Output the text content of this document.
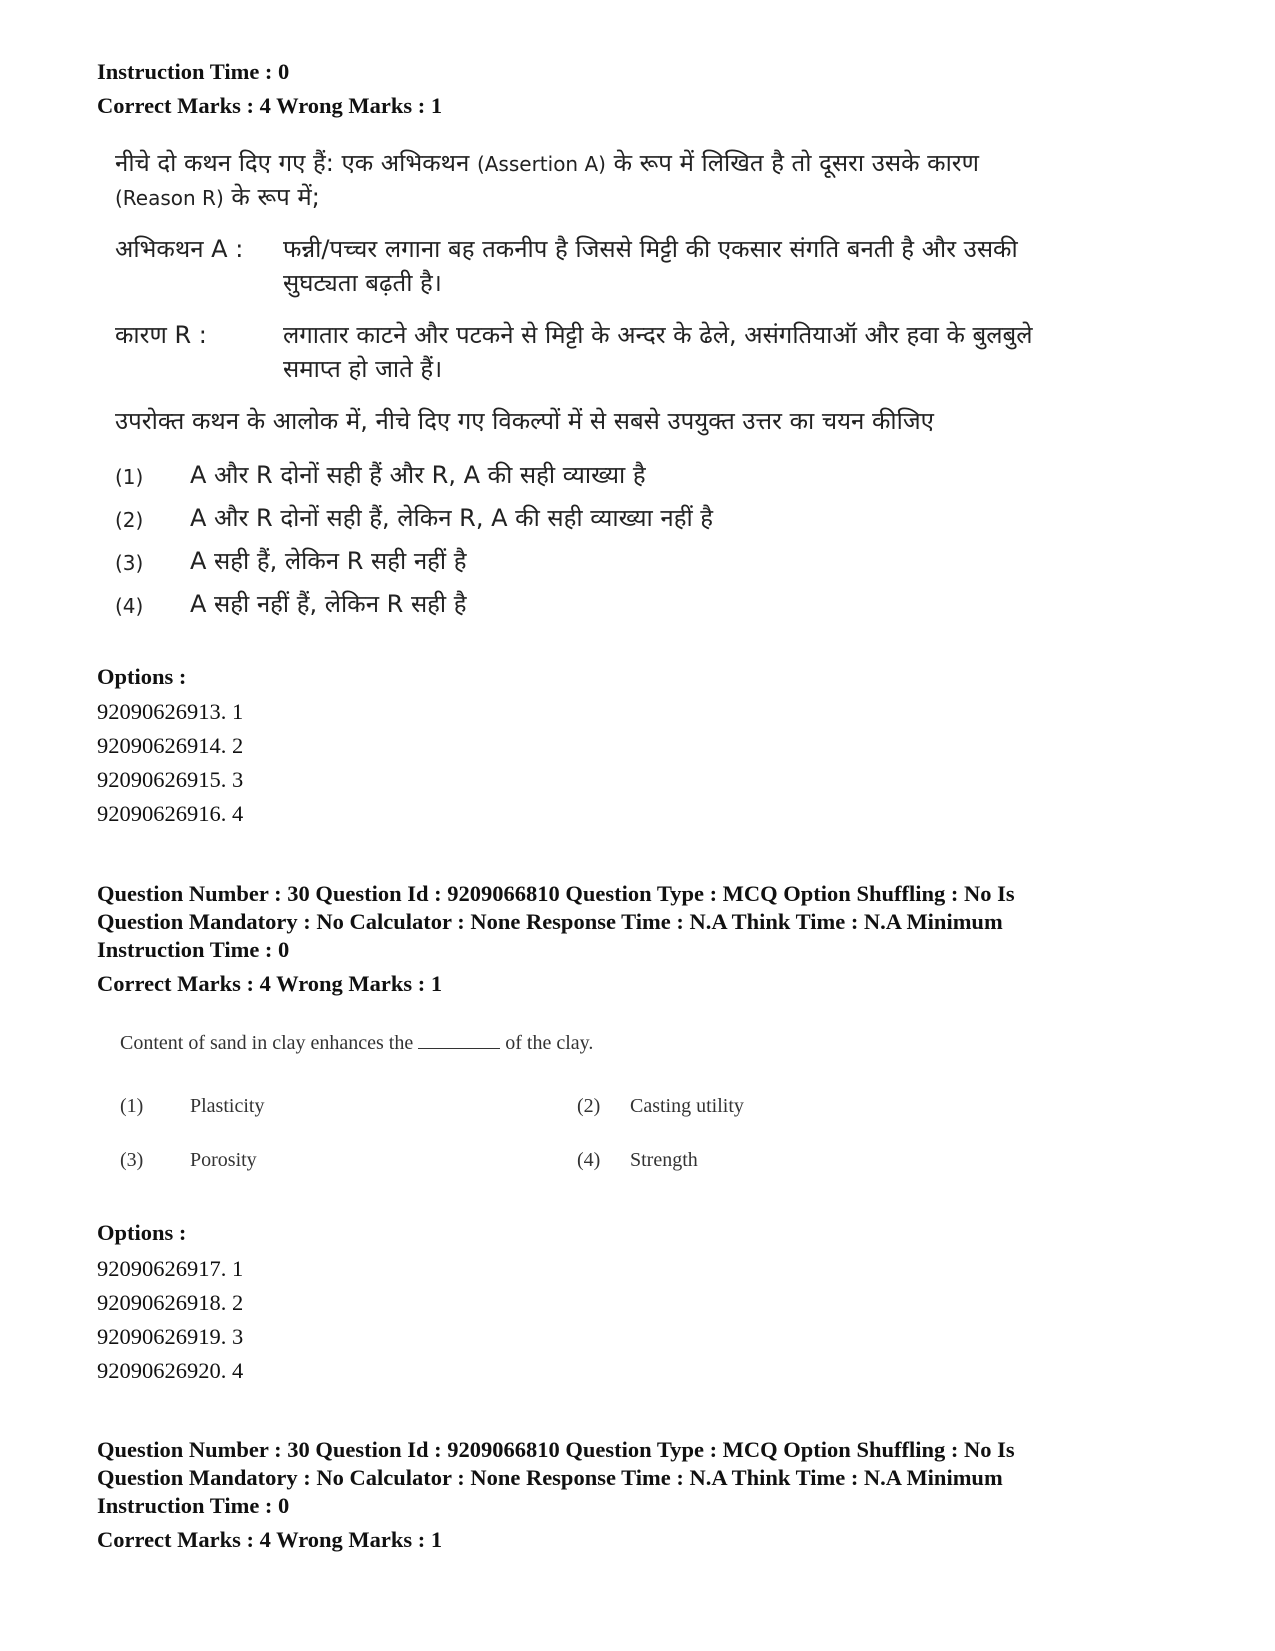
Instruction Time : 0
Correct Marks : 4 Wrong Marks : 1
नीचे दो कथन दिए गए हैं: एक अभिकथन (Assertion A) के रूप में लिखित है तो दूसरा उसके कारण
(Reason R) के रूप में;
अभिकथन A : फन्नी/पच्चर लगाना बह तकनीप है जिससे मिट्टी की एकसार संगति बनती है और उसकी
सुघट्यता बढ़ती है।
कारण R :	लगातार काटने और पटकने से मिट्टी के अन्दर के ढेले, असंगतियाऑ और हवा के बुलबुले
समाप्त हो जाते हैं।
उपरोक्त कथन के आलोक में, नीचे दिए गए विकल्पों में से सबसे उपयुक्त उत्तर का चयन कीजिए
(1) A और R दोनों सही हैं और R, A की सही व्याख्या है
(2) A और R दोनों सही हैं, लेकिन R, A की सही व्याख्या नहीं है
(3) A सही हैं, लेकिन R सही नहीं है
(4) A सही नहीं हैं, लेकिन R सही है
Options :
92090626913. 1
92090626914. 2
92090626915. 3
92090626916. 4
Question Number : 30 Question Id : 9209066810 Question Type : MCQ Option Shuffling : No Is
Question Mandatory : No Calculator : None Response Time : N.A Think Time : N.A Minimum
Instruction Time : 0
Correct Marks : 4 Wrong Marks : 1
Content of sand in clay enhances the	of the clay.
(1) Plasticity	(2) Casting utility
(3) Porosity	(4) Strength
Options :
92090626917. 1
92090626918. 2
92090626919. 3
92090626920. 4
Question Number : 30 Question Id : 9209066810 Question Type : MCQ Option Shuffling : No Is
Question Mandatory : No Calculator : None Response Time : N.A Think Time : N.A Minimum
Instruction Time : 0
Correct Marks : 4 Wrong Marks : 1
